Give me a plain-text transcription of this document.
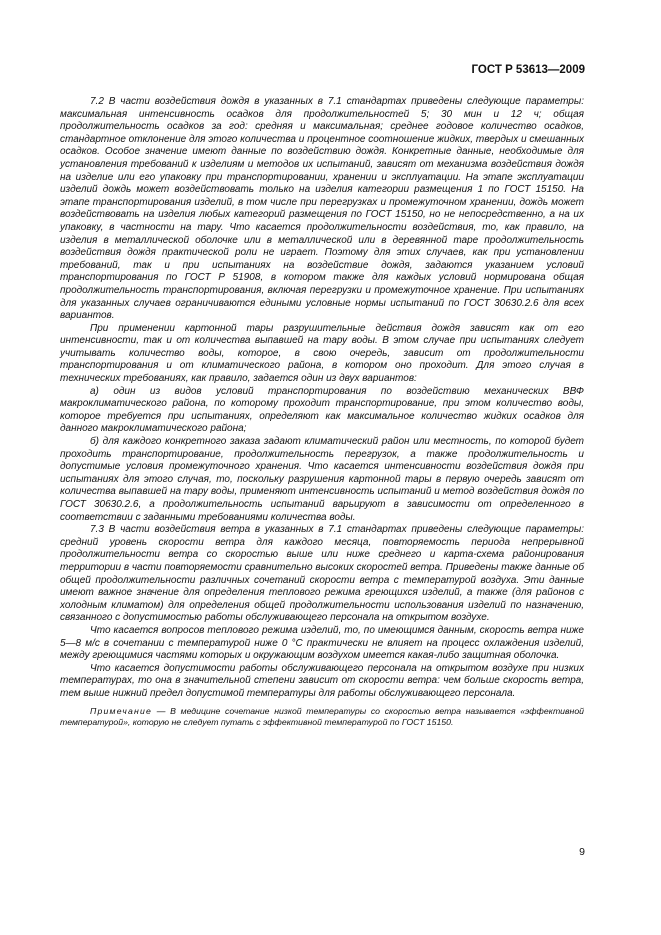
ГОСТ Р 53613—2009

7.2 В части воздействия дождя в указанных в 7.1 стандартах приведены следующие параметры: максимальная интенсивность осадков для продолжительностей 5; 30 мин и 12 ч; общая продолжительность осадков за год: средняя и максимальная; среднее годовое количество осадков, стандартное отклонение для этого количества и процентное соотношение жидких, твердых и смешанных осадков. Особое значение имеют данные по воздействию дождя. Конкретные данные, необходимые для установления требований к изделиям и методов их испытаний, зависят от механизма воздействия дождя на изделие или его упаковку при транспортировании, хранении и эксплуатации. На этапе эксплуатации изделий дождь может воздействовать только на изделия категории размещения 1 по ГОСТ 15150. На этапе транспортирования изделий, в том числе при перегрузках и промежуточном хранении, дождь может воздействовать на изделия любых категорий размещения по ГОСТ 15150, но не непосредственно, а на их упаковку, в частности на тару. Что касается продолжительности воздействия, то, как правило, на изделия в металлической оболочке или в металлической или в деревянной таре продолжительность воздействия дождя практической роли не играет. Поэтому для этих случаев, как при установлении требований, так и при испытаниях на воздействие дождя, задаются указанием условий транспортирования по ГОСТ Р 51908, в котором также для каждых условий нормирована общая продолжительность транспортирования, включая перегрузки и промежуточное хранение. При испытаниях для указанных случаев ограничиваются едиными условные нормы испытаний по ГОСТ 30630.2.6 для всех вариантов.

При применении картонной тары разрушительные действия дождя зависят как от его интенсивности, так и от количества выпавшей на тару воды. В этом случае при испытаниях следует учитывать количество воды, которое, в свою очередь, зависит от продолжительности транспортирования и от климатического района, в котором оно проходит. Для этого случая в технических требованиях, как правило, задается один из двух вариантов:

а) один из видов условий транспортирования по воздействию механических ВВФ макроклиматического района, по которому проходит транспортирование, при этом количество воды, которое требуется при испытаниях, определяют как максимальное количество жидких осадков для данного макроклиматического района;

б) для каждого конкретного заказа задают климатический район или местность, по которой будет проходить транспортирование, продолжительность перегрузок, а также продолжительность и допустимые условия промежуточного хранения. Что касается интенсивности воздействия дождя при испытаниях для этого случая, то, поскольку разрушения картонной тары в первую очередь зависят от количества выпавшей на тару воды, применяют интенсивность испытаний и метод воздействия дождя по ГОСТ 30630.2.6, а продолжительность испытаний варьируют в зависимости от определенного в соответствии с заданными требованиями количества воды.

7.3 В части воздействия ветра в указанных в 7.1 стандартах приведены следующие параметры: средний уровень скорости ветра для каждого месяца, повторяемость периода непрерывной продолжительности ветра со скоростью выше или ниже среднего и карта-схема районирования территории в части повторяемости сравнительно высоких скоростей ветра. Приведены также данные об общей продолжительности различных сочетаний скорости ветра с температурой воздуха. Эти данные имеют важное значение для определения теплового режима греющихся изделий, а также (для районов с холодным климатом) для определения общей продолжительности использования изделий по назначению, связанного с допустимостью работы обслуживающего персонала на открытом воздухе.

Что касается вопросов теплового режима изделий, то, по имеющимся данным, скорость ветра ниже 5—8 м/с в сочетании с температурой ниже 0 °С практически не влияет на процесс охлаждения изделий, между греющимися частями которых и окружающим воздухом имеется какая-либо защитная оболочка.

Что касается допустимости работы обслуживающего персонала на открытом воздухе при низких температурах, то она в значительной степени зависит от скорости ветра: чем больше скорость ветра, тем выше нижний предел допустимой температуры для работы обслуживающего персонала.

Примечание — В медицине сочетание низкой температуры со скоростью ветра называется «эффективной температурой», которую не следует путать с эффективной температурой по ГОСТ 15150.

9
